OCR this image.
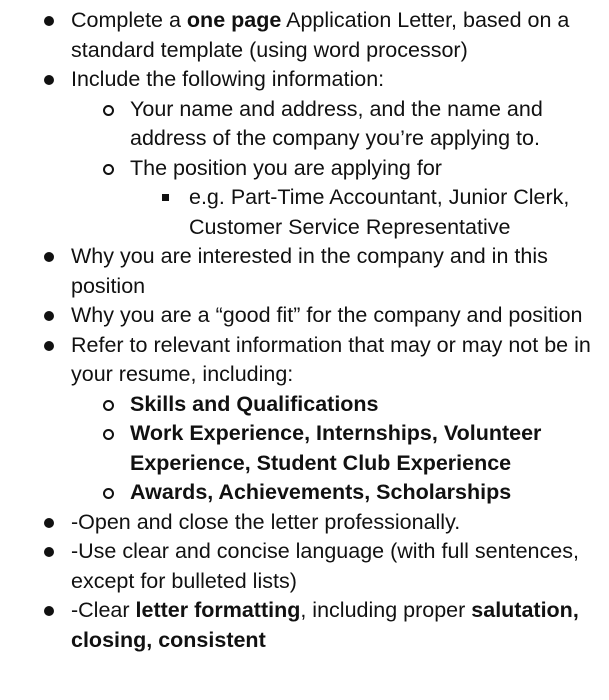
Complete a one page Application Letter, based on a standard template (using word processor)
Include the following information:
Your name and address, and the name and address of the company you’re applying to.
The position you are applying for
e.g. Part-Time Accountant, Junior Clerk, Customer Service Representative
Why you are interested in the company and in this position
Why you are a “good fit” for the company and position
Refer to relevant information that may or may not be in your resume, including:
Skills and Qualifications
Work Experience, Internships, Volunteer Experience, Student Club Experience
Awards, Achievements, Scholarships
-Open and close the letter professionally.
-Use clear and concise language (with full sentences, except for bulleted lists)
-Clear letter formatting, including proper salutation, closing, consistent
